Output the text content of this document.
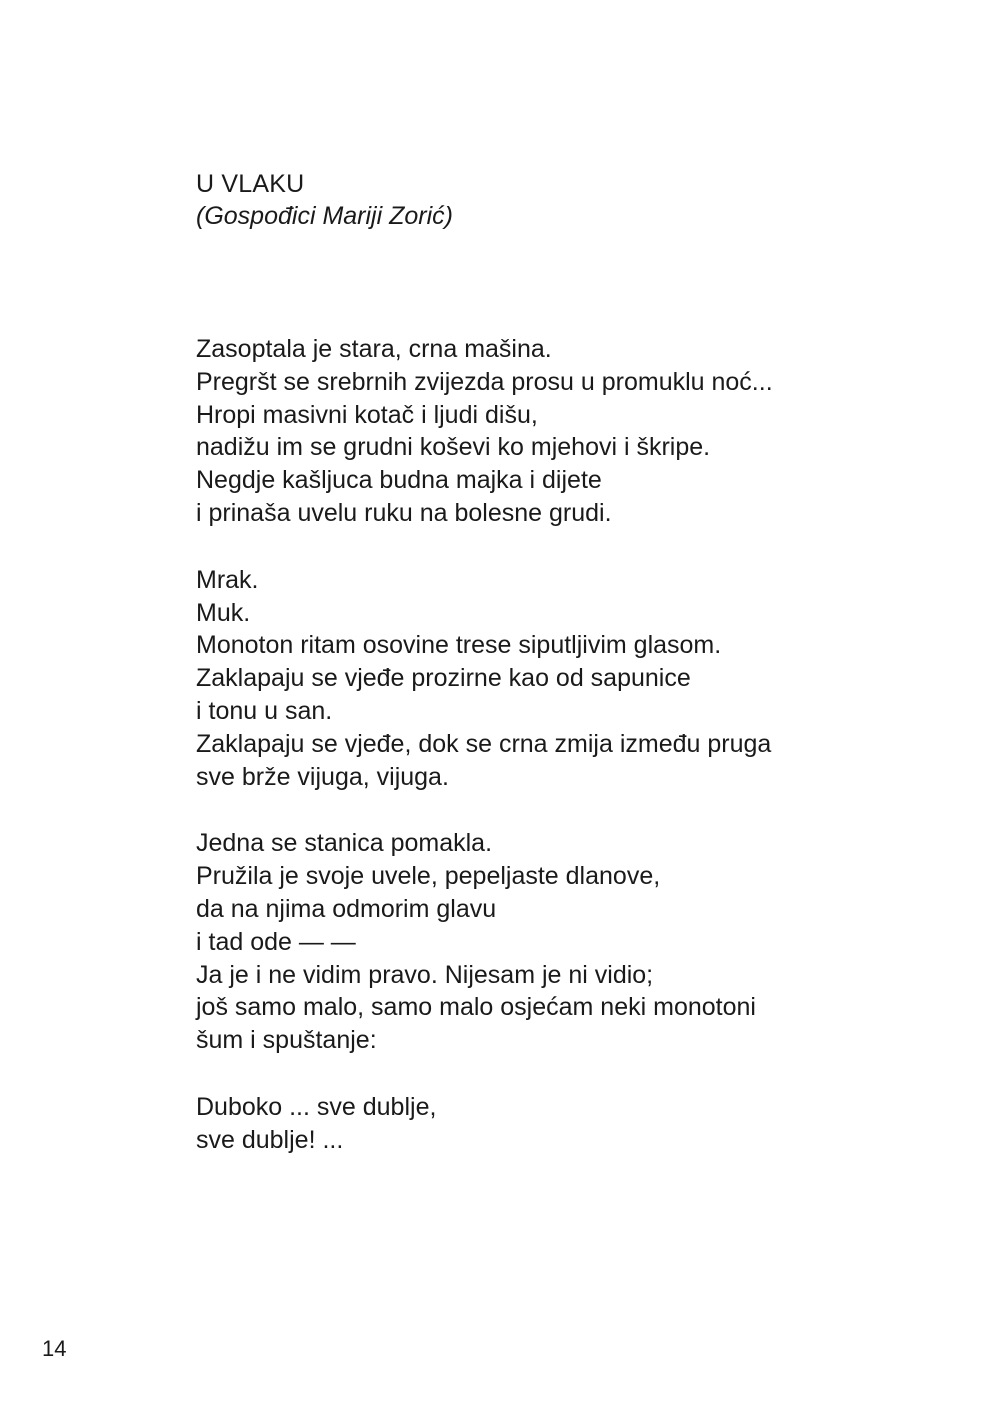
U VLAKU
(Gospođici Mariji Zorić)
Zasoptala je stara, crna mašina.
Pregršt se srebrnih zvijezda prosu u promuklu noć...
Hropi masivni kotač i ljudi dišu,
nadižu im se grudni koševi ko mjehovi i škripe.
Negdje kašljuca budna majka i dijete
i prinaša uvelu ruku na bolesne grudi.
Mrak.
Muk.
Monoton ritam osovine trese siputljivim glasom.
Zaklapaju se vjeđe prozirne kao od sapunice
i tonu u san.
Zaklapaju se vjeđe, dok se crna zmija između pruga
sve brže vijuga, vijuga.
Jedna se stanica pomakla.
Pružila je svoje uvele, pepeljaste dlanove,
da na njima odmorim glavu
i tad ode — —
Ja je i ne vidim pravo. Nijesam je ni vidio;
još samo malo, samo malo osjećam neki monotoni
šum i spuštanje:
Duboko ... sve dublje,
sve dublje! ...
14
